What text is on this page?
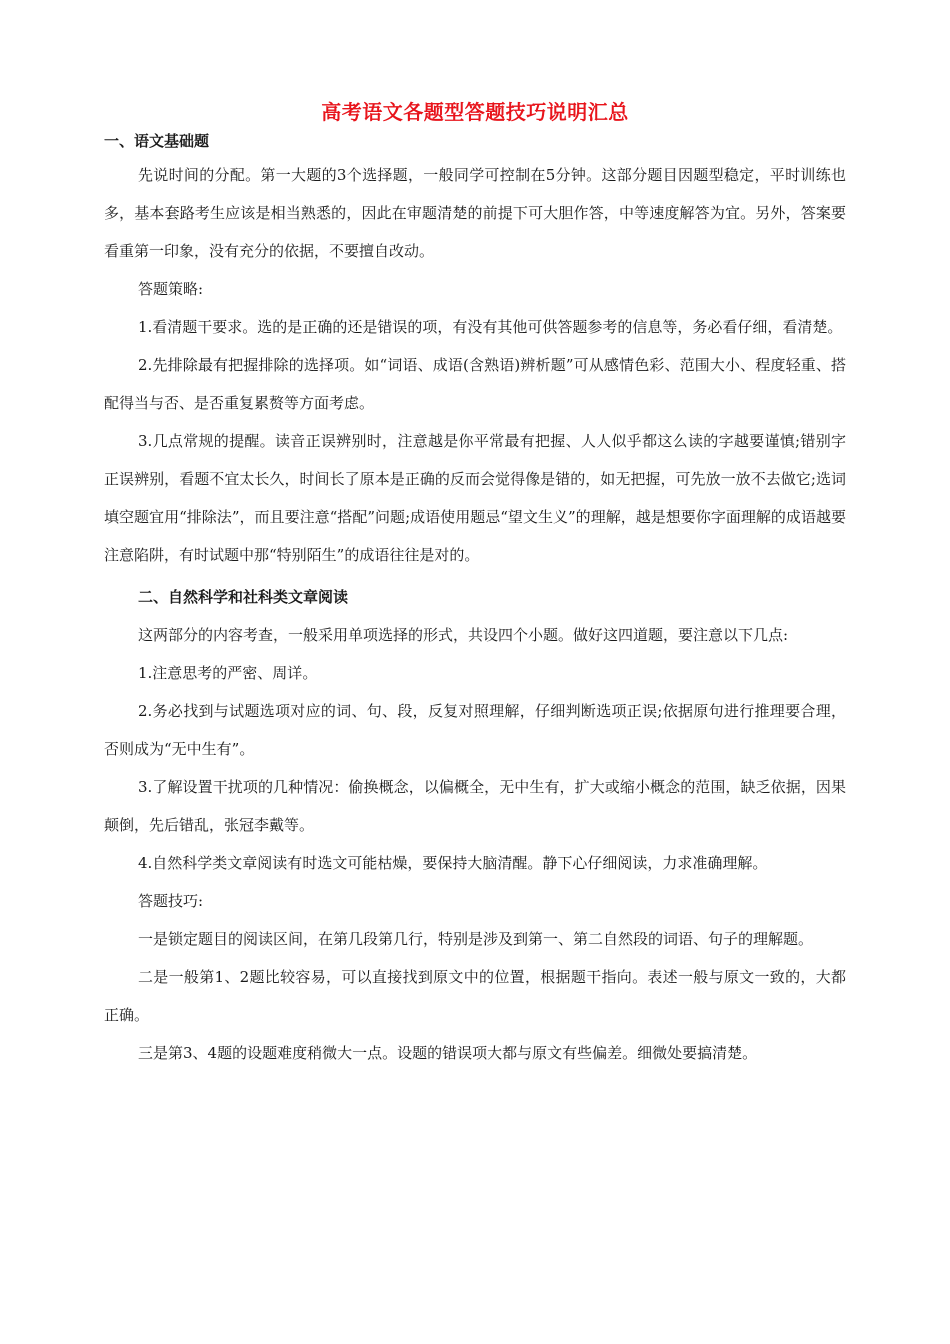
高考语文各题型答题技巧说明汇总

一、语文基础题

先说时间的分配。第一大题的3个选择题，一般同学可控制在5分钟。这部分题目因题型稳定，平时训练也多，基本套路考生应该是相当熟悉的，因此在审题清楚的前提下可大胆作答，中等速度解答为宜。另外，答案要看重第一印象，没有充分的依据，不要擅自改动。

答题策略:

1.看清题干要求。选的是正确的还是错误的项，有没有其他可供答题参考的信息等，务必看仔细，看清楚。

2.先排除最有把握排除的选择项。如“词语、成语(含熟语)辨析题”可从感情色彩、范围大小、程度轻重、搭配得当与否、是否重复累赘等方面考虑。

3.几点常规的提醒。读音正误辨别时，注意越是你平常最有把握、人人似乎都这么读的字越要谨慎;错别字正误辨别，看题不宜太长久，时间长了原本是正确的反而会觉得像是错的，如无把握，可先放一放不去做它;选词填空题宜用“排除法”，而且要注意“搭配”问题;成语使用题忌“望文生义”的理解，越是想要你字面理解的成语越要注意陷阱，有时试题中那“特别陌生”的成语往往是对的。

二、自然科学和社科类文章阅读

这两部分的内容考查，一般采用单项选择的形式，共设四个小题。做好这四道题，要注意以下几点:

1.注意思考的严密、周详。

2.务必找到与试题选项对应的词、句、段，反复对照理解，仔细判断选项正误;依据原句进行推理要合理，否则成为“无中生有”。

3.了解设置干扰项的几种情况：偷换概念，以偏概全，无中生有，扩大或缩小概念的范围，缺乏依据，因果颠倒，先后错乱，张冠李戴等。

4.自然科学类文章阅读有时选文可能枯燥，要保持大脑清醒。静下心仔细阅读，力求准确理解。

答题技巧:

一是锁定题目的阅读区间，在第几段第几行，特别是涉及到第一、第二自然段的词语、句子的理解题。

二是一般第1、2题比较容易，可以直接找到原文中的位置，根据题干指向。表述一般与原文一致的，大都正确。

三是第3、4题的设题难度稍微大一点。设题的错误项大都与原文有些偏差。细微处要搞清楚。
